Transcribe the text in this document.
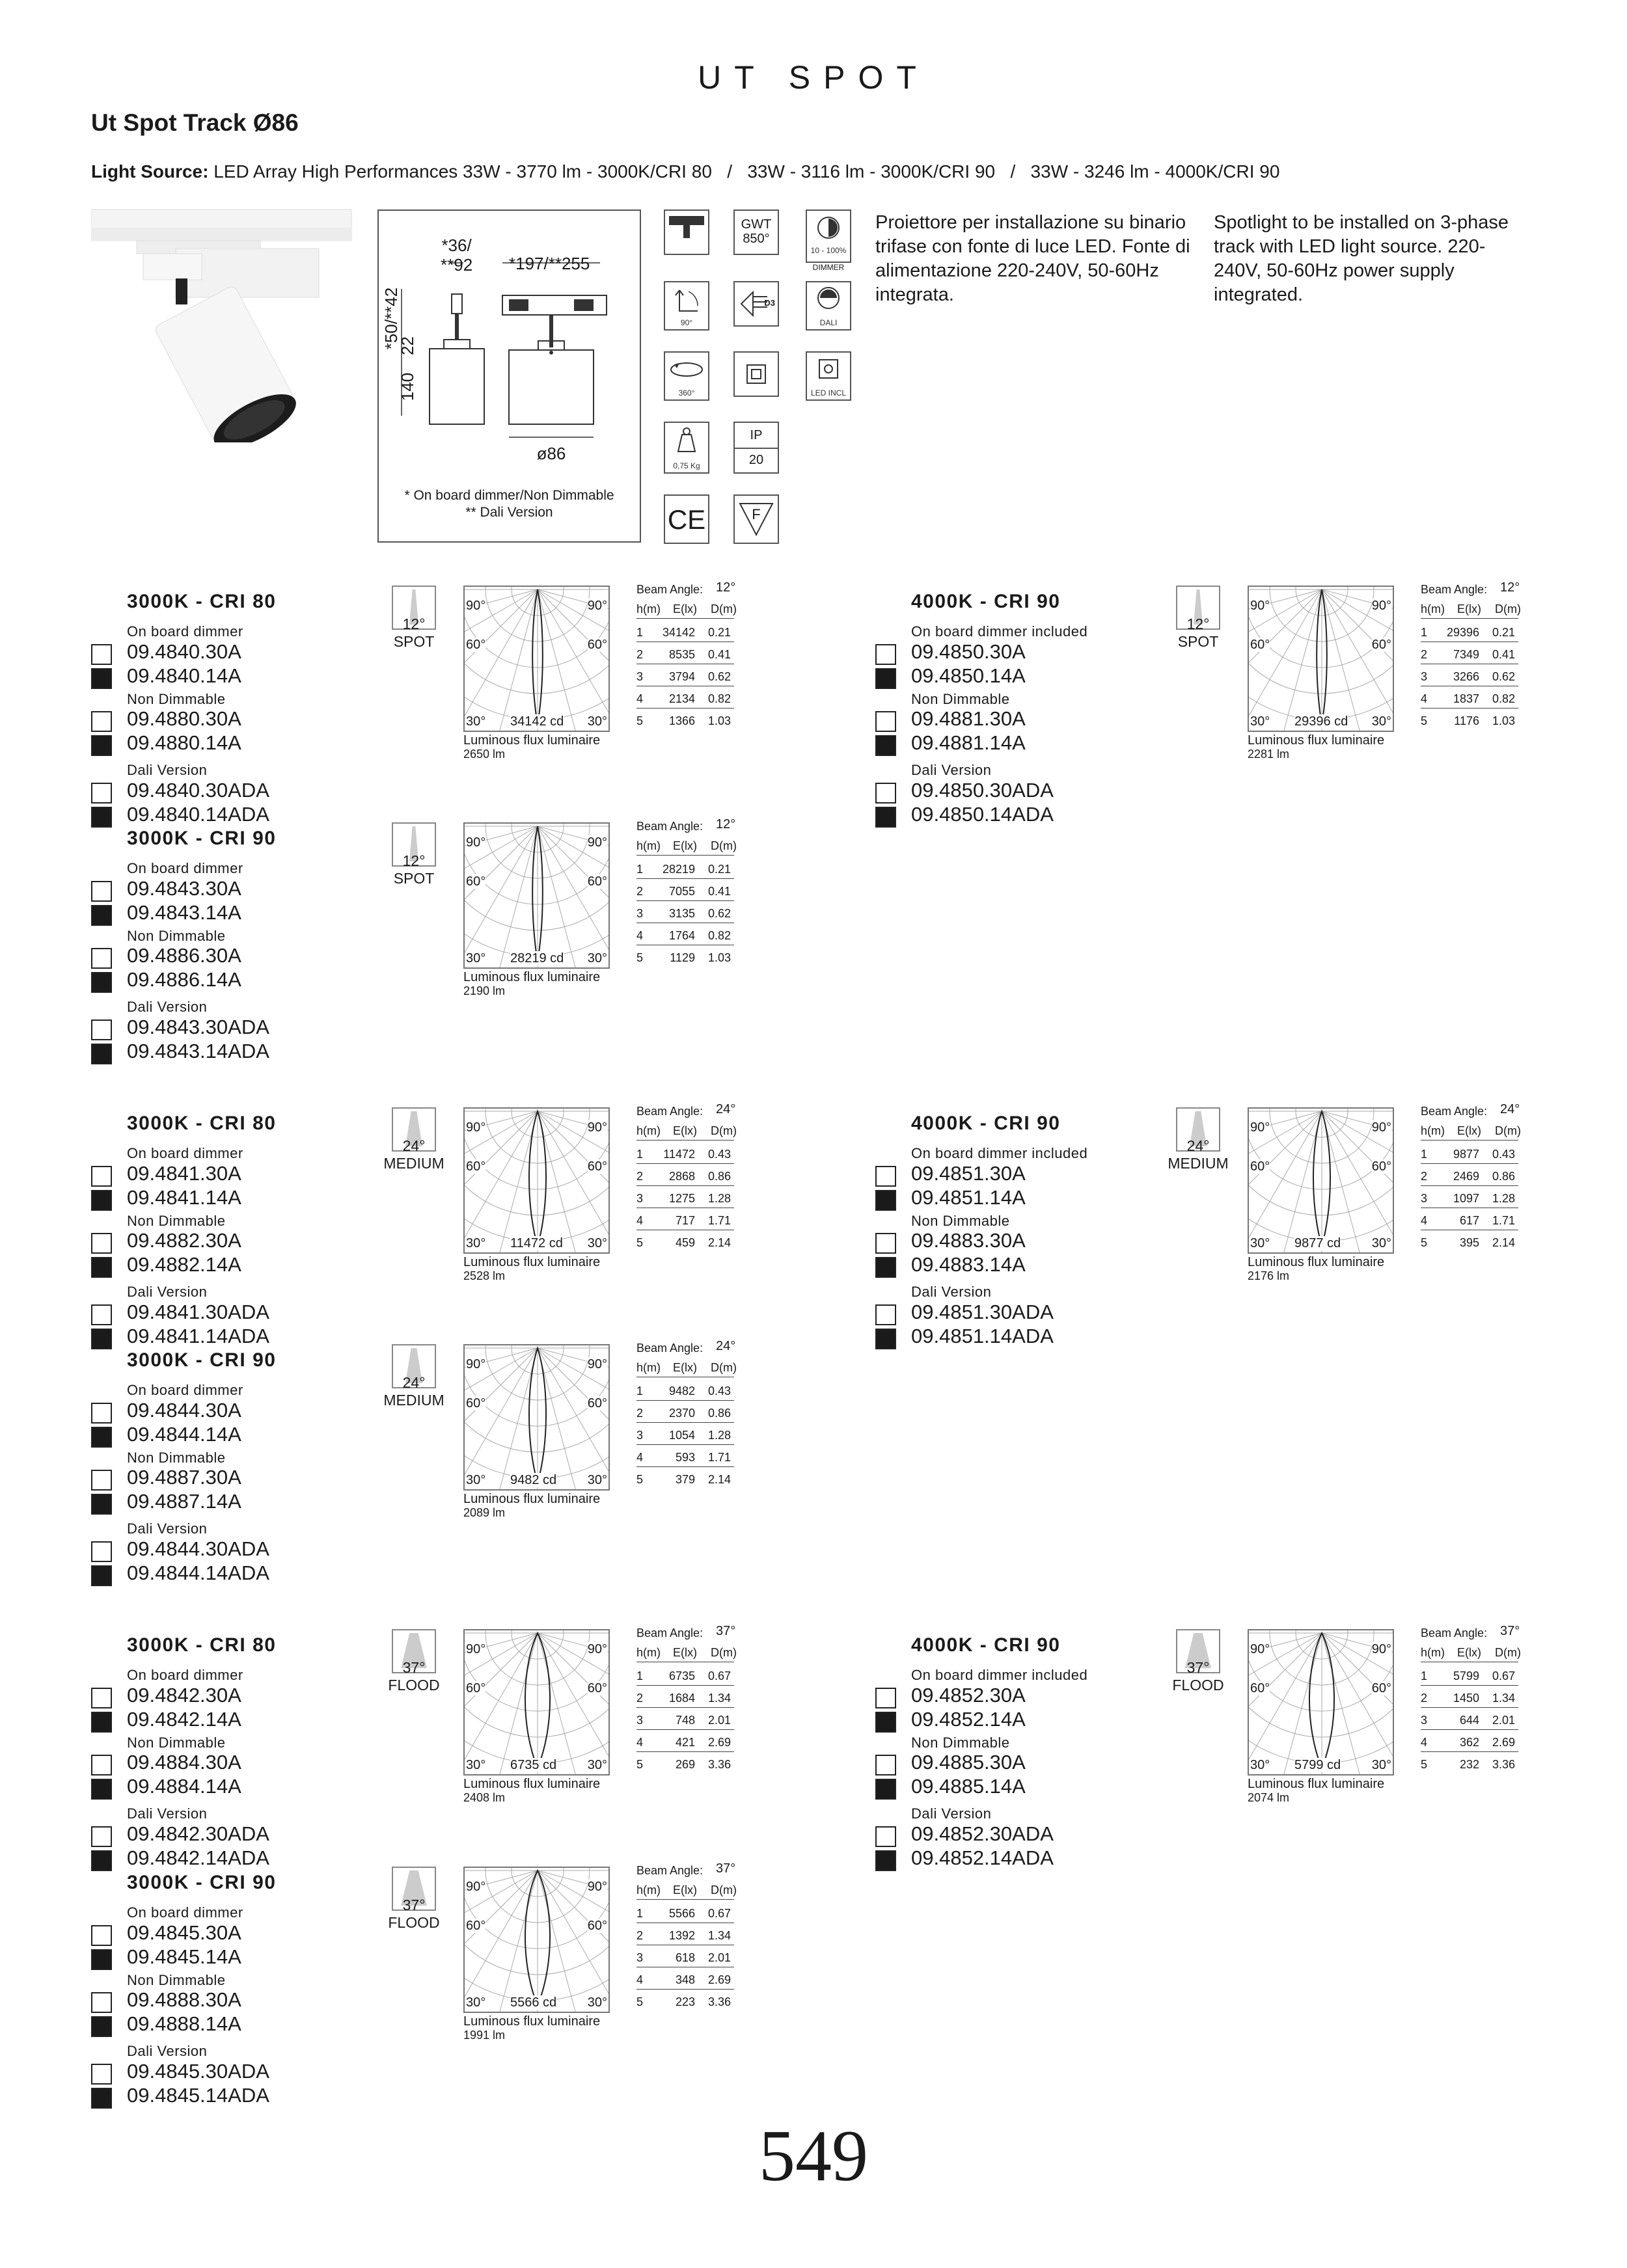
UT SPOT
Ut Spot Track Ø86
Light Source: LED Array High Performances 33W - 3770 lm - 3000K/CRI 80   /   33W - 3116 lm - 3000K/CRI 90   /   33W - 3246 lm - 4000K/CRI 90
*36/
**92 *197/**255
*50/**42
22
140
ø86
* On board dimmer/Non Dimmable
** Dali Version
GWT
850°
10 - 100%
DIMMER
90°
D3
DALI
360°	LED INCL
0,75 Kg
IP
20
CE	F
Proiettore per installazione su binario trifase con fonte di luce LED. Fonte di alimentazione 220-240V, 50-60Hz integrata.
Spotlight to be installed on 3-phase track with LED light source. 220-240V, 50-60Hz power supply integrated.
3000K - CRI 80
On board dimmer
Non Dimmable
Dali Version
09.4840.30A
09.4840.14A
09.4880.30A
09.4880.14A
09.4840.30ADA
09.4840.14ADA
12°
SPOT
90°	90°
60°	60°
30°	30°
34142 cd
Luminous flux luminaire
2650 lm
Beam Angle: 12°
h(m) E(lx) D(m)
1 34142 0.21
2	8535 0.41
3	3794 0.62
4	2134 0.82
5	1366 1.03
4000K - CRI 90
On board dimmer included
Non Dimmable
Dali Version
09.4850.30A
09.4850.14A
09.4881.30A
09.4881.14A
09.4850.30ADA
09.4850.14ADA
12°
SPOT
90°	90°
60°	60°
30°	30°
29396 cd
Luminous flux luminaire
2281 lm
Beam Angle: 12°
h(m) E(lx) D(m)
1 29396 0.21
2	7349 0.41
3	3266 0.62
4	1837 0.82
5	1176 1.03
3000K - CRI 90
On board dimmer
Non Dimmable
Dali Version
09.4843.30A
09.4843.14A
09.4886.30A
09.4886.14A
09.4843.30ADA
09.4843.14ADA
12°
SPOT
90°	90°
60°	60°
30°	30°
28219 cd
Luminous flux luminaire
2190 lm
Beam Angle: 12°
h(m) E(lx) D(m)
1 28219 0.21
2	7055 0.41
3	3135 0.62
4	1764 0.82
5	1129 1.03
3000K - CRI 80
On board dimmer
Non Dimmable
Dali Version
09.4841.30A
09.4841.14A
09.4882.30A
09.4882.14A
09.4841.30ADA
09.4841.14ADA
24°
MEDIUM
90°	90°
60°	60°
30°	30°
11472 cd
Luminous flux luminaire
2528 lm
Beam Angle: 24°
h(m) E(lx) D(m)
1 11472 0.43
2	2868 0.86
3	1275 1.28
4	717 1.71
5	459 2.14
4000K - CRI 90
On board dimmer included
Non Dimmable
Dali Version
09.4851.30A
09.4851.14A
09.4883.30A
09.4883.14A
09.4851.30ADA
09.4851.14ADA
24°
MEDIUM
90°	90°
60°	60°
30°	30°
9877 cd
Luminous flux luminaire
2176 lm
Beam Angle: 24°
h(m) E(lx) D(m)
1	9877 0.43
2	2469 0.86
3	1097 1.28
4	617 1.71
5	395 2.14
3000K - CRI 90
On board dimmer
Non Dimmable
Dali Version
09.4844.30A
09.4844.14A
09.4887.30A
09.4887.14A
09.4844.30ADA
09.4844.14ADA
24°
MEDIUM
90°	90°
60°	60°
30°	30°
9482 cd
Luminous flux luminaire
2089 lm
Beam Angle: 24°
h(m) E(lx) D(m)
1	9482 0.43
2	2370 0.86
3	1054 1.28
4	593 1.71
5	379 2.14
3000K - CRI 80
On board dimmer
Non Dimmable
Dali Version
09.4842.30A
09.4842.14A
09.4884.30A
09.4884.14A
09.4842.30ADA
09.4842.14ADA
37°
FLOOD
90°	90°
60°	60°
30°	30°
6735 cd
Luminous flux luminaire
2408 lm
Beam Angle: 37°
h(m) E(lx) D(m)
1	6735 0.67
2	1684 1.34
3	748 2.01
4	421 2.69
5	269 3.36
4000K - CRI 90
On board dimmer included
Non Dimmable
Dali Version
09.4852.30A
09.4852.14A
09.4885.30A
09.4885.14A
09.4852.30ADA
09.4852.14ADA
37°
FLOOD
90°	90°
60°	60°
30°	30°
5799 cd
Luminous flux luminaire
2074 lm
Beam Angle: 37°
h(m) E(lx) D(m)
1	5799 0.67
2	1450 1.34
3	644 2.01
4	362 2.69
5	232 3.36
3000K - CRI 90
On board dimmer
Non Dimmable
Dali Version
09.4845.30A
09.4845.14A
09.4888.30A
09.4888.14A
09.4845.30ADA
09.4845.14ADA
37°
FLOOD
90°	90°
60°	60°
30°	30°
5566 cd
Luminous flux luminaire
1991 lm
Beam Angle: 37°
h(m) E(lx) D(m)
1	5566 0.67
2	1392 1.34
3	618 2.01
4	348 2.69
5	223 3.36
549
